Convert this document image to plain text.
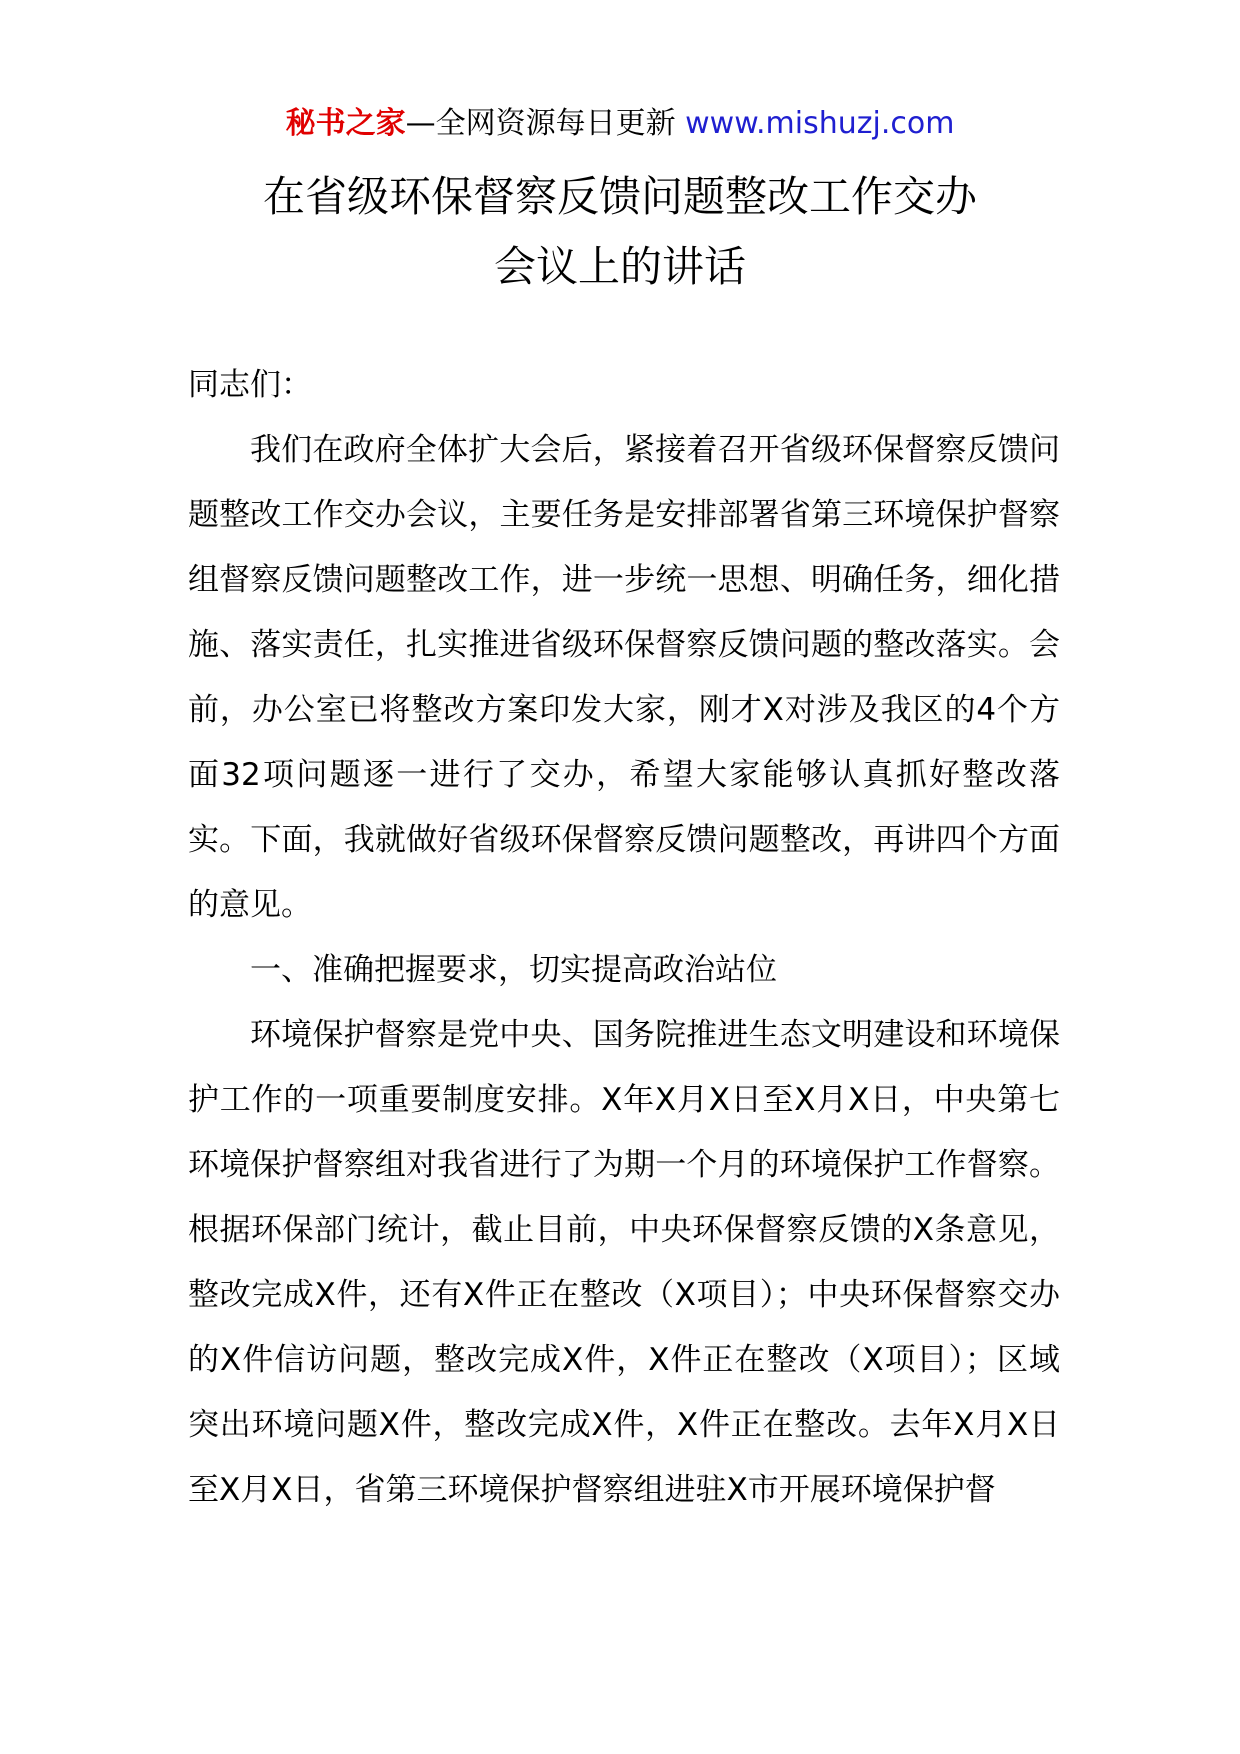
秘书之家—全网资源每日更新 www.mishuzj.com
在省级环保督察反馈问题整改工作交办
会议上的讲话

同志们：

我们在政府全体扩大会后，紧接着召开省级环保督察反馈问题整改工作交办会议，主要任务是安排部署省第三环境保护督察组督察反馈问题整改工作，进一步统一思想、明确任务，细化措施、落实责任，扎实推进省级环保督察反馈问题的整改落实。会前，办公室已将整改方案印发大家，刚才X对涉及我区的4个方面32项问题逐一进行了交办，希望大家能够认真抓好整改落实。下面，我就做好省级环保督察反馈问题整改，再讲四个方面的意见。

一、准确把握要求，切实提高政治站位

环境保护督察是党中央、国务院推进生态文明建设和环境保护工作的一项重要制度安排。X年X月X日至X月X日，中央第七环境保护督察组对我省进行了为期一个月的环境保护工作督察。根据环保部门统计，截止目前，中央环保督察反馈的X条意见，整改完成X件，还有X件正在整改（X项目）；中央环保督察交办的X件信访问题，整改完成X件，X件正在整改（X项目）；区域突出环境问题X件，整改完成X件，X件正在整改。去年X月X日至X月X日，省第三环境保护督察组进驻X市开展环境保护督
